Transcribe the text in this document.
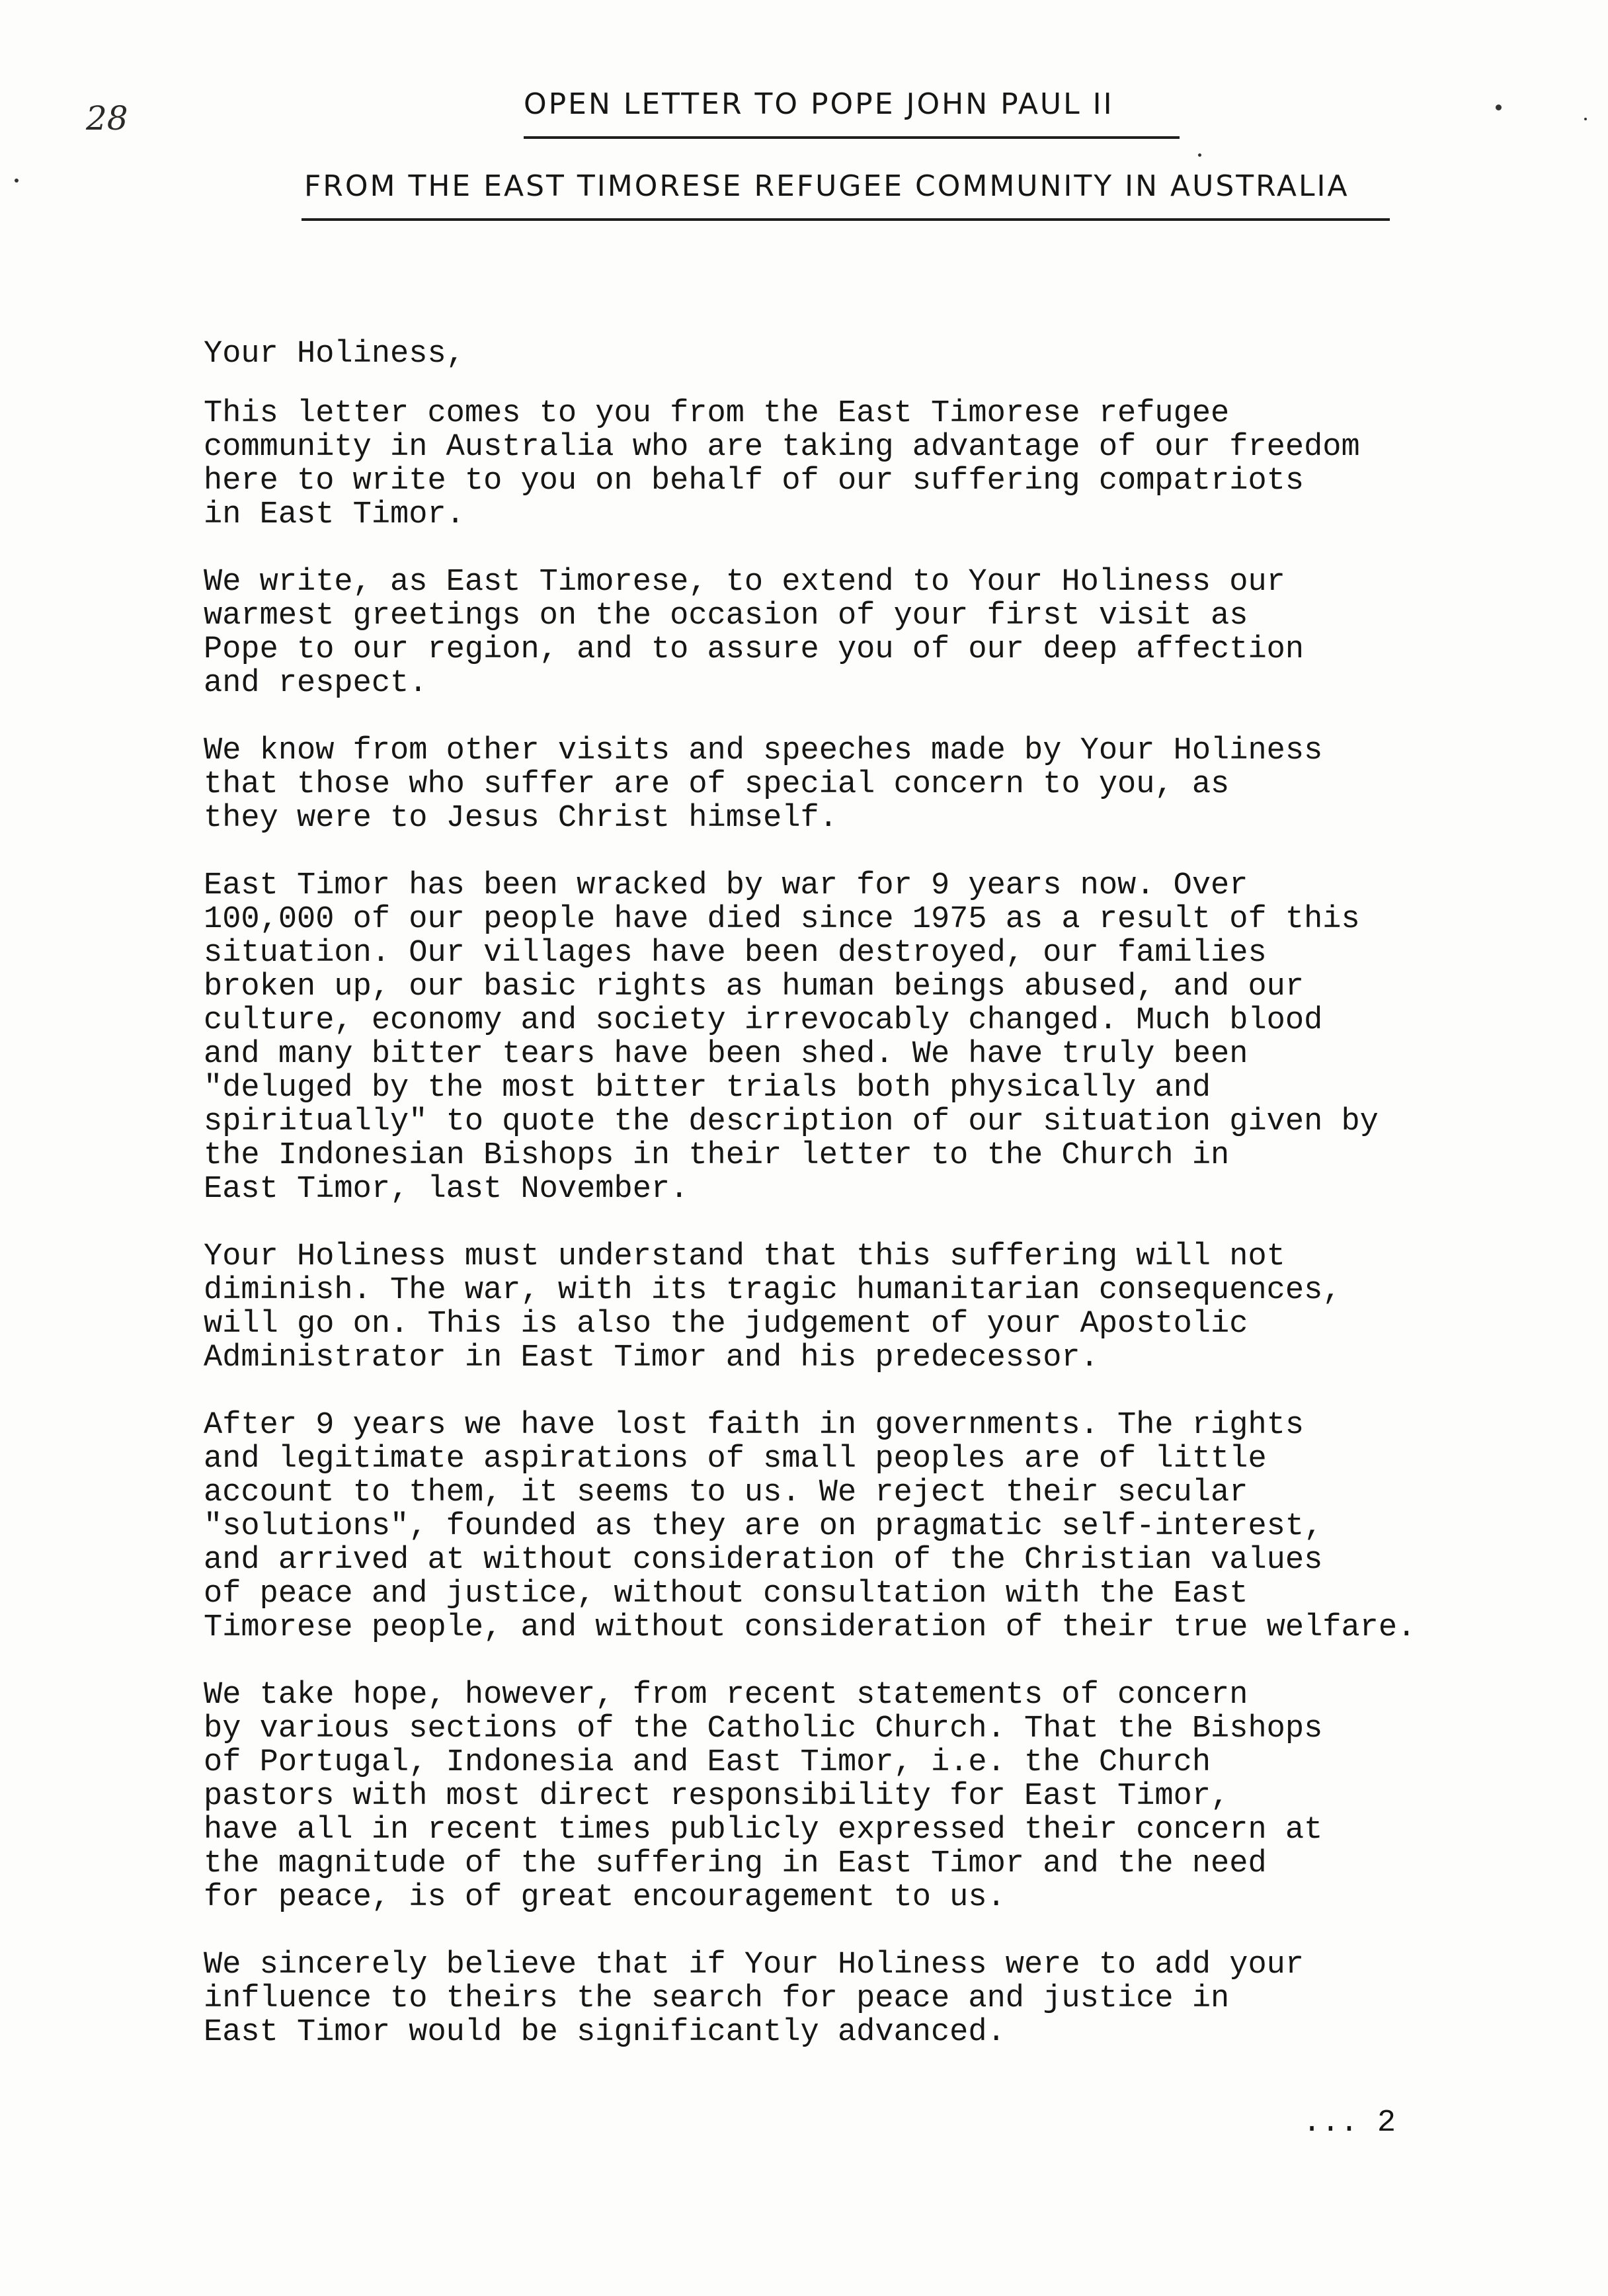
28	OPEN LETTER TO POPE JOHN PAUL II
FROM THE EAST TIMORESE REFUGEE COMMUNITY IN AUSTRALIA
Your Holiness,
This letter comes to you from the East Timorese refugee
community in Australia who are taking advantage of our freedom
here to write to you on behalf of our suffering compatriots
in East Timor.
We write, as East Timorese, to extend to Your Holiness our
warmest greetings on the occasion of your first visit as
Pope to our region, and to assure you of our deep affection
and respect.
We know from other visits and speeches made by Your Holiness
that those who suffer are of special concern to you, as
they were to Jesus Christ himself.
East Timor has been wracked by war for 9 years now. Over
100,000 of our people have died since 1975 as a result of this
situation. Our villages have been destroyed, our families
broken up, our basic rights as human beings abused, and our
culture, economy and society irrevocably changed. Much blood
and many bitter tears have been shed. We have truly been
"deluged by the most bitter trials both physically and
spiritually" to quote the description of our situation given by
the Indonesian Bishops in their letter to the Church in
East Timor, last November.
Your Holiness must understand that this suffering will not
diminish. The war, with its tragic humanitarian consequences,
will go on. This is also the judgement of your Apostolic
Administrator in East Timor and his predecessor.
After 9 years we have lost faith in governments. The rights
and legitimate aspirations of small peoples are of little
account to them, it seems to us. We reject their secular
"solutions", founded as they are on pragmatic self-interest,
and arrived at without consideration of the Christian values
of peace and justice, without consultation with the East
Timorese people, and without consideration of their true welfare.
We take hope, however, from recent statements of concern
by various sections of the Catholic Church. That the Bishops
of Portugal, Indonesia and East Timor, i.e. the Church
pastors with most direct responsibility for East Timor,
have all in recent times publicly expressed their concern at
the magnitude of the suffering in East Timor and the need
for peace, is of great encouragement to us.
We sincerely believe that if Your Holiness were to add your
influence to theirs the search for peace and justice in
East Timor would be significantly advanced.
... 2
